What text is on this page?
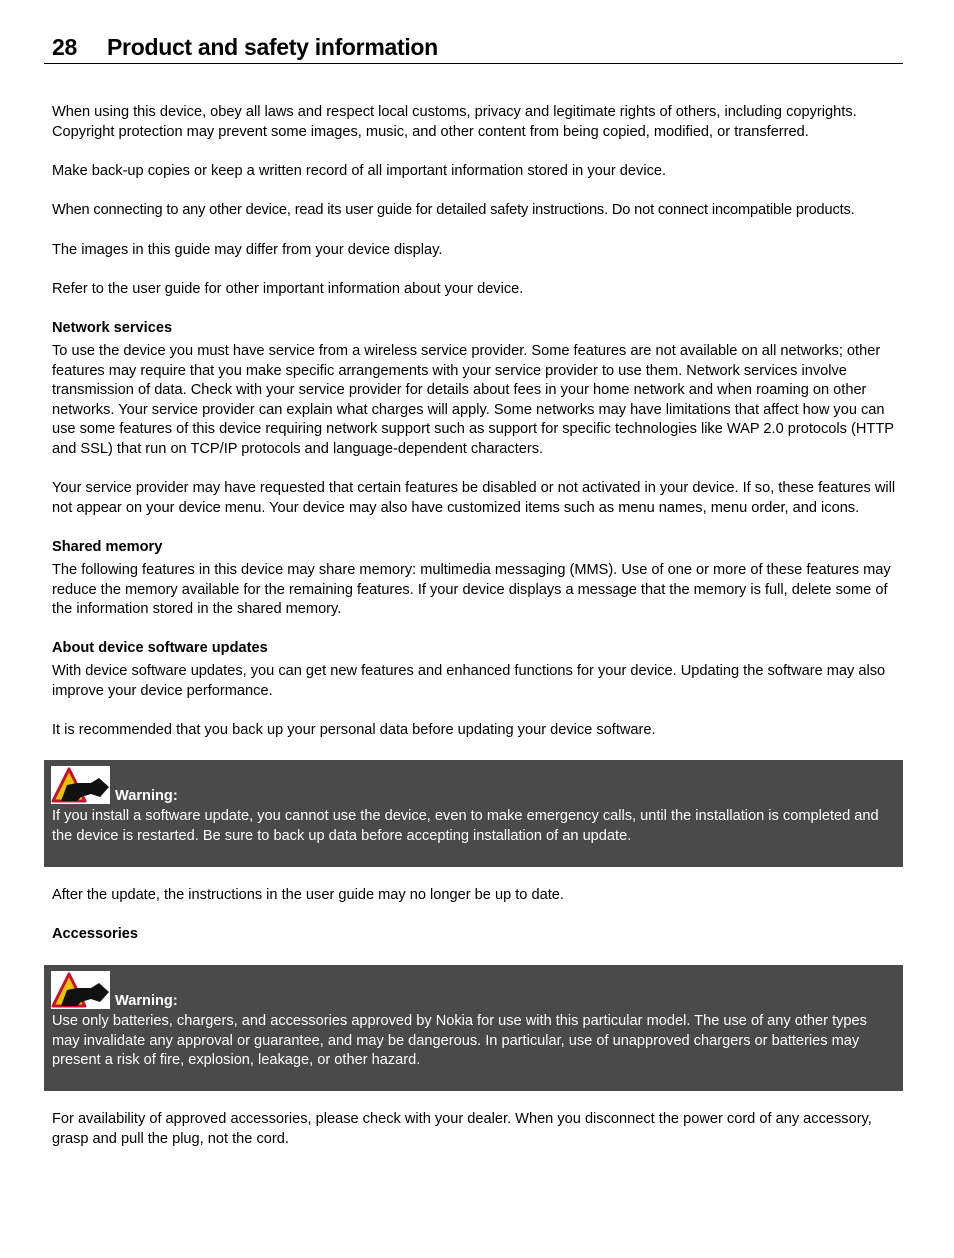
28 Product and safety information
When using this device, obey all laws and respect local customs, privacy and legitimate rights of others, including copyrights. Copyright protection may prevent some images, music, and other content from being copied, modified, or transferred.
Make back-up copies or keep a written record of all important information stored in your device.
When connecting to any other device, read its user guide for detailed safety instructions. Do not connect incompatible products.
The images in this guide may differ from your device display.
Refer to the user guide for other important information about your device.
Network services
To use the device you must have service from a wireless service provider. Some features are not available on all networks; other features may require that you make specific arrangements with your service provider to use them. Network services involve transmission of data. Check with your service provider for details about fees in your home network and when roaming on other networks. Your service provider can explain what charges will apply. Some networks may have limitations that affect how you can use some features of this device requiring network support such as support for specific technologies like WAP 2.0 protocols (HTTP and SSL) that run on TCP/IP protocols and language-dependent characters.
Your service provider may have requested that certain features be disabled or not activated in your device. If so, these features will not appear on your device menu. Your device may also have customized items such as menu names, menu order, and icons.
Shared memory
The following features in this device may share memory: multimedia messaging (MMS). Use of one or more of these features may reduce the memory available for the remaining features. If your device displays a message that the memory is full, delete some of the information stored in the shared memory.
About device software updates
With device software updates, you can get new features and enhanced functions for your device. Updating the software may also improve your device performance.
It is recommended that you back up your personal data before updating your device software.
Warning:
If you install a software update, you cannot use the device, even to make emergency calls, until the installation is completed and the device is restarted. Be sure to back up data before accepting installation of an update.
After the update, the instructions in the user guide may no longer be up to date.
Accessories
Warning:
Use only batteries, chargers, and accessories approved by Nokia for use with this particular model. The use of any other types may invalidate any approval or guarantee, and may be dangerous. In particular, use of unapproved chargers or batteries may present a risk of fire, explosion, leakage, or other hazard.
For availability of approved accessories, please check with your dealer. When you disconnect the power cord of any accessory, grasp and pull the plug, not the cord.
